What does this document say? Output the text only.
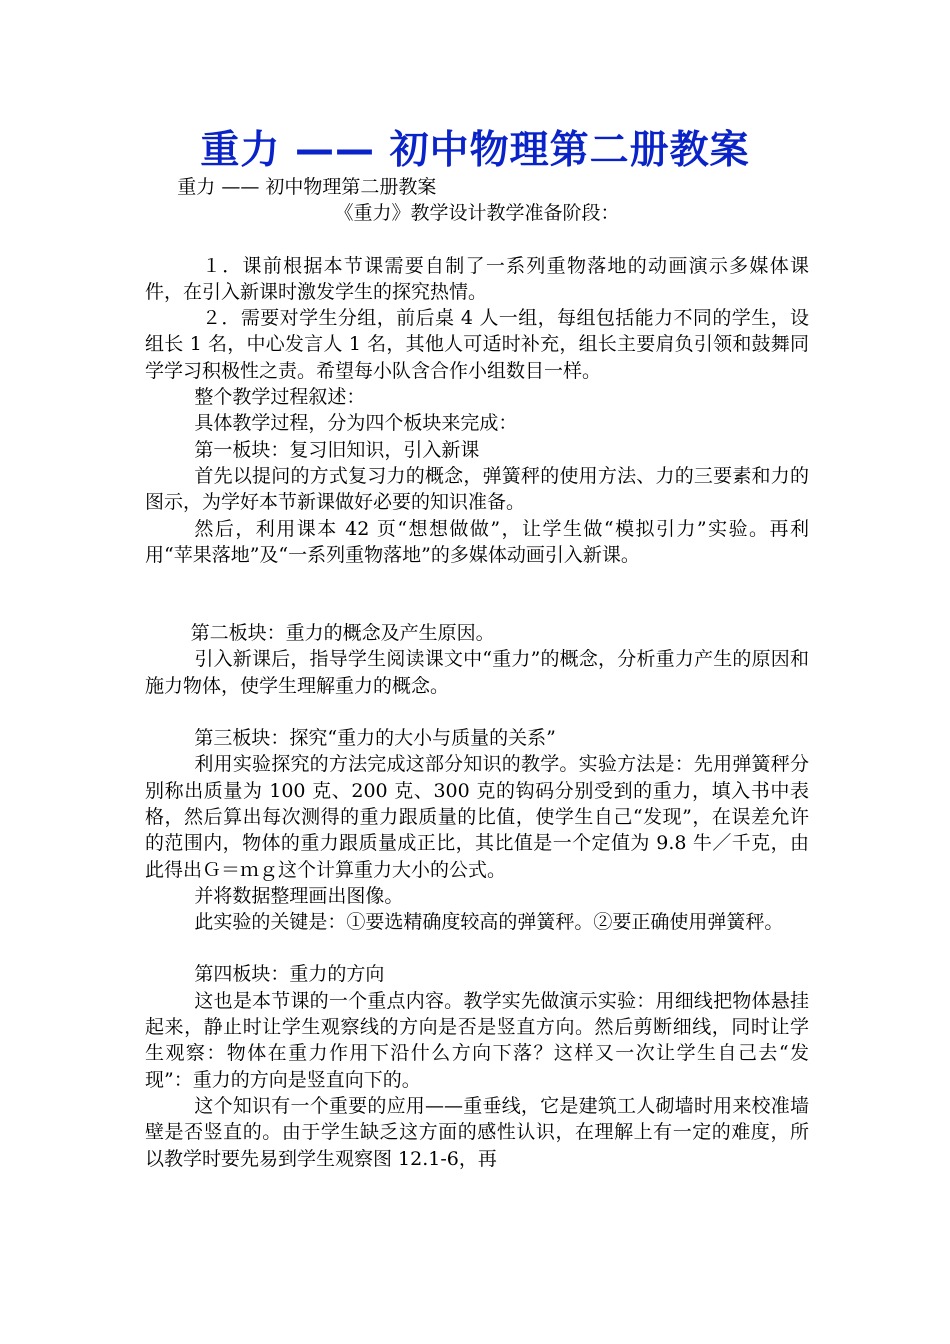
重力 —— 初中物理第二册教案

重力 —— 初中物理第二册教案

《重力》教学设计教学准备阶段：

１．课前根据本节课需要自制了一系列重物落地的动画演示多媒体课件，在引入新课时激发学生的探究热情。

２．需要对学生分组，前后桌 4 人一组，每组包括能力不同的学生，设组长 1 名，中心发言人 1 名，其他人可适时补充，组长主要肩负引领和鼓舞同学学习积极性之责。希望每小队含合作小组数目一样。

整个教学过程叙述：

具体教学过程，分为四个板块来完成：

第一板块：复习旧知识，引入新课

首先以提问的方式复习力的概念，弹簧秤的使用方法、力的三要素和力的图示，为学好本节新课做好必要的知识准备。

然后，利用课本 42 页“想想做做”，让学生做“模拟引力”实验。再利用“苹果落地”及“一系列重物落地”的多媒体动画引入新课。

第二板块：重力的概念及产生原因。

引入新课后，指导学生阅读课文中“重力”的概念，分析重力产生的原因和施力物体，使学生理解重力的概念。

第三板块：探究“重力的大小与质量的关系”

利用实验探究的方法完成这部分知识的教学。实验方法是：先用弹簧秤分别称出质量为 100 克、200 克、300 克的钩码分别受到的重力，填入书中表格，然后算出每次测得的重力跟质量的比值，使学生自己“发现”，在误差允许的范围内，物体的重力跟质量成正比，其比值是一个定值为 9.8 牛／千克，由此得出Ｇ＝ｍｇ这个计算重力大小的公式。

并将数据整理画出图像。

此实验的关键是：①要选精确度较高的弹簧秤。②要正确使用弹簧秤。

第四板块：重力的方向

这也是本节课的一个重点内容。教学实先做演示实验：用细线把物体悬挂起来，静止时让学生观察线的方向是否是竖直方向。然后剪断细线，同时让学生观察：物体在重力作用下沿什么方向下落？这样又一次让学生自己去“发现”：重力的方向是竖直向下的。

这个知识有一个重要的应用——重垂线，它是建筑工人砌墙时用来校准墙壁是否竖直的。由于学生缺乏这方面的感性认识，在理解上有一定的难度，所以教学时要先易到学生观察图 12.1-6，再
